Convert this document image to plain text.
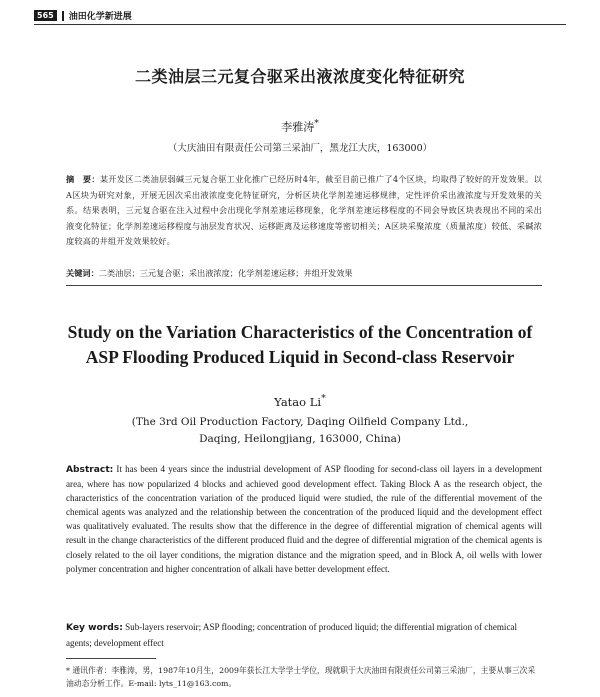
565	油田化学新进展
二类油层三元复合驱采出液浓度变化特征研究
李雅涛*
（大庆油田有限责任公司第三采油厂，黑龙江大庆，163000）
摘　要：某开发区二类油层弱碱三元复合驱工业化推广已经历时4年，截至目前已推广了4个区块，均取得了较好的开发效果。以A区块为研究对象，开展无因次采出液浓度变化特征研究，分析区块化学剂差速运移规律，定性评价采出液浓度与开发效果的关系。结果表明，三元复合驱在注入过程中会出现化学剂差速运移现象，化学剂差速运移程度的不同会导致区块表现出不同的采出液变化特征；化学剂差速运移程度与油层发育状况、运移距离及运移速度等密切相关；A区块采聚浓度（质量浓度）较低、采碱浓度较高的井组开发效果较好。
关键词：二类油层；三元复合驱；采出液浓度；化学剂差速运移；井组开发效果
Study on the Variation Characteristics of the Concentration of
ASP Flooding Produced Liquid in Second-class Reservoir
Yatao Li*
(The 3rd Oil Production Factory, Daqing Oilfield Company Ltd.,
Daqing, Heilongjiang, 163000, China)
Abstract: It has been 4 years since the industrial development of ASP flooding for second-class oil layers in a development area, where has now popularized 4 blocks and achieved good development effect. Taking Block A as the research object, the characteristics of the concentration variation of the produced liquid were studied, the rule of the differential movement of the chemical agents was analyzed and the relationship between the concentration of the produced liquid and the development effect was qualitatively evaluated. The results show that the difference in the degree of differential migration of chemical agents will result in the change characteristics of the different produced fluid and the degree of differential migration of the chemical agents is closely related to the oil layer conditions, the migration distance and the migration speed, and in Block A, oil wells with lower polymer concentration and higher concentration of alkali have better development effect.
Key words: Sub-layers reservoir; ASP flooding; concentration of produced liquid; the differential migration of chemical agents; development effect
* 通讯作者：李雅涛，男，1987年10月生，2009年获长江大学学士学位，现就职于大庆油田有限责任公司第三采油厂，主要从事三次采油动态分析工作。E-mail: lyts_11@163.com。
